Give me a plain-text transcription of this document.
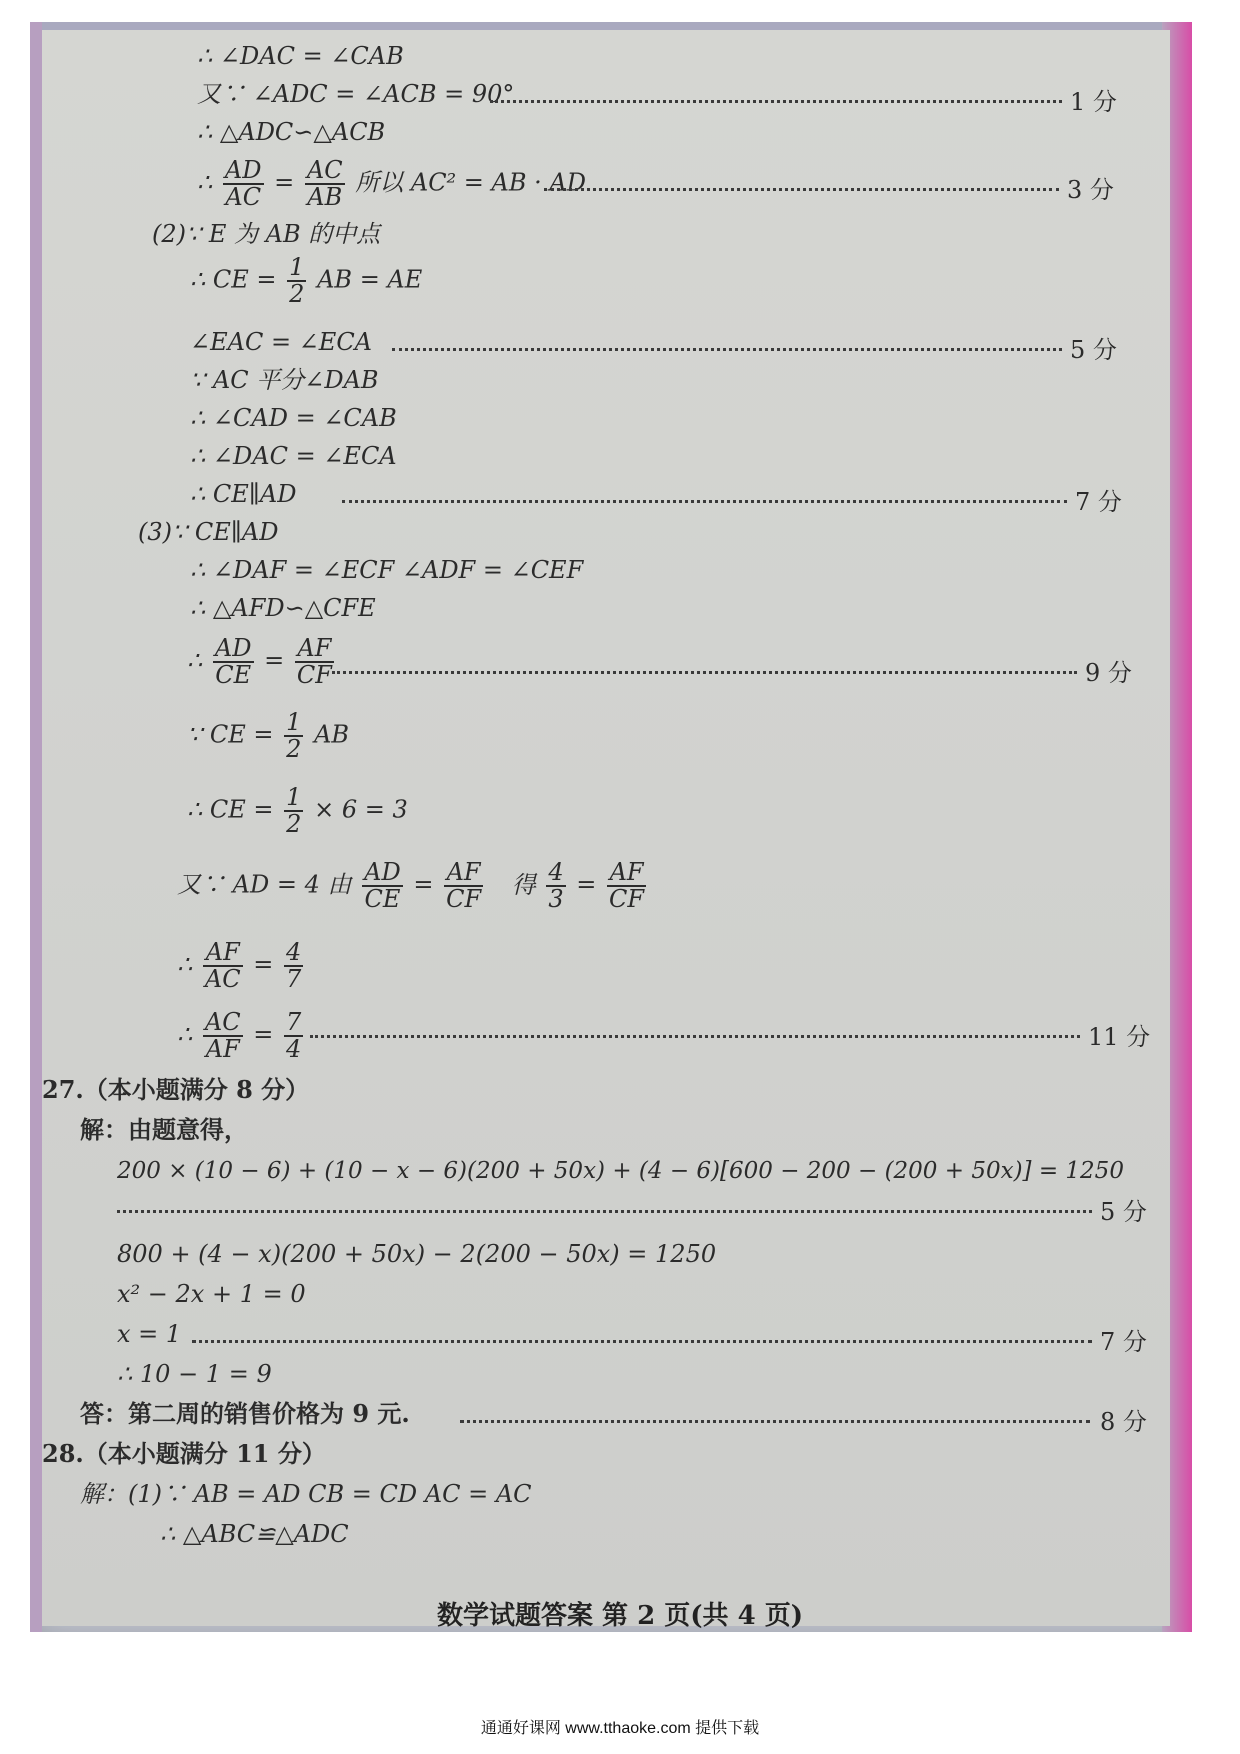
∴ ∠DAC = ∠CAB
又∵ ∠ADC = ∠ACB = 90°	1 分
∴ △ADC∽△ACB
∴ $\frac{AD}{AC} = \frac{AC}{AB}$ 所以 AC² = AB · AD	3 分
(2)∵ E 为 AB 的中点
∴ CE = $\frac{1}{2}$ AB = AE
∠EAC = ∠ECA	5 分
∵ AC 平分∠DAB
∴ ∠CAD = ∠CAB
∴ ∠DAC = ∠ECA
∴ CE∥AD	7 分
(3)∵ CE∥AD
∴ ∠DAF = ∠ECF ∠ADF = ∠CEF
∴ △AFD∽△CFE
∴ $\frac{AD}{CE} = \frac{AF}{CF}$	9 分
∵ CE = $\frac{1}{2}$ AB
∴ CE = $\frac{1}{2} \times 6 = 3$
又∵ AD = 4 由 $\frac{AD}{CE} = \frac{AF}{CF}$ 得 $\frac{4}{3} = \frac{AF}{CF}$
∴ $\frac{AF}{AC} = \frac{4}{7}$
∴ $\frac{AC}{AF} = \frac{7}{4}$	11 分
27.（本小题满分 8 分）
解：由题意得，
200 × (10 − 6) + (10 − x − 6)(200 + 50x) + (4 − 6)[600 − 200 − (200 + 50x)] = 1250
5 分
800 + (4 − x)(200 + 50x) − 2(200 − 50x) = 1250
x² − 2x + 1 = 0
x = 1	7 分
∴ 10 − 1 = 9
答：第二周的销售价格为 9 元.	8 分
28.（本小题满分 11 分）
解：(1)∵ AB = AD CB = CD AC = AC
∴ △ABC≌△ADC
数学试题答案 第 2 页(共 4 页)
通通好课网 www.tthaoke.com 提供下载
